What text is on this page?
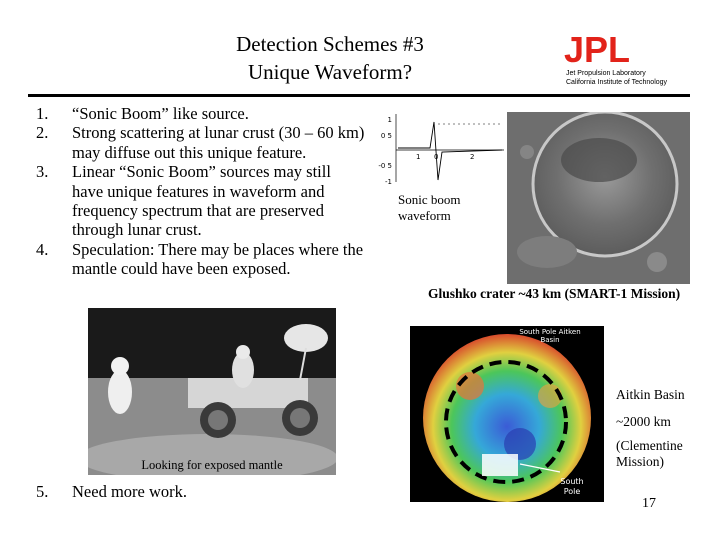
Detection Schemes #3
Unique Waveform?
JPL
Jet Propulsion Laboratory
California Institute of Technology
1. “Sonic Boom” like source.
2. Strong scattering at lunar crust (30 – 60 km) may diffuse out this unique feature.
3. Linear “Sonic Boom” sources may still have unique features in waveform and frequency spectrum that are preserved through lunar crust.
4. Speculation: There may be places where the mantle could have been exposed.
1
0 5
-0 5
-1
1 0	2
Sonic boom waveform
Glushko crater ~43 km (SMART-1 Mission)
Looking for exposed mantle
South Pole Aitken
Basin
South
Pole
Aitkin Basin
~2000 km
(Clementine Mission)
5. Need more work.
17
